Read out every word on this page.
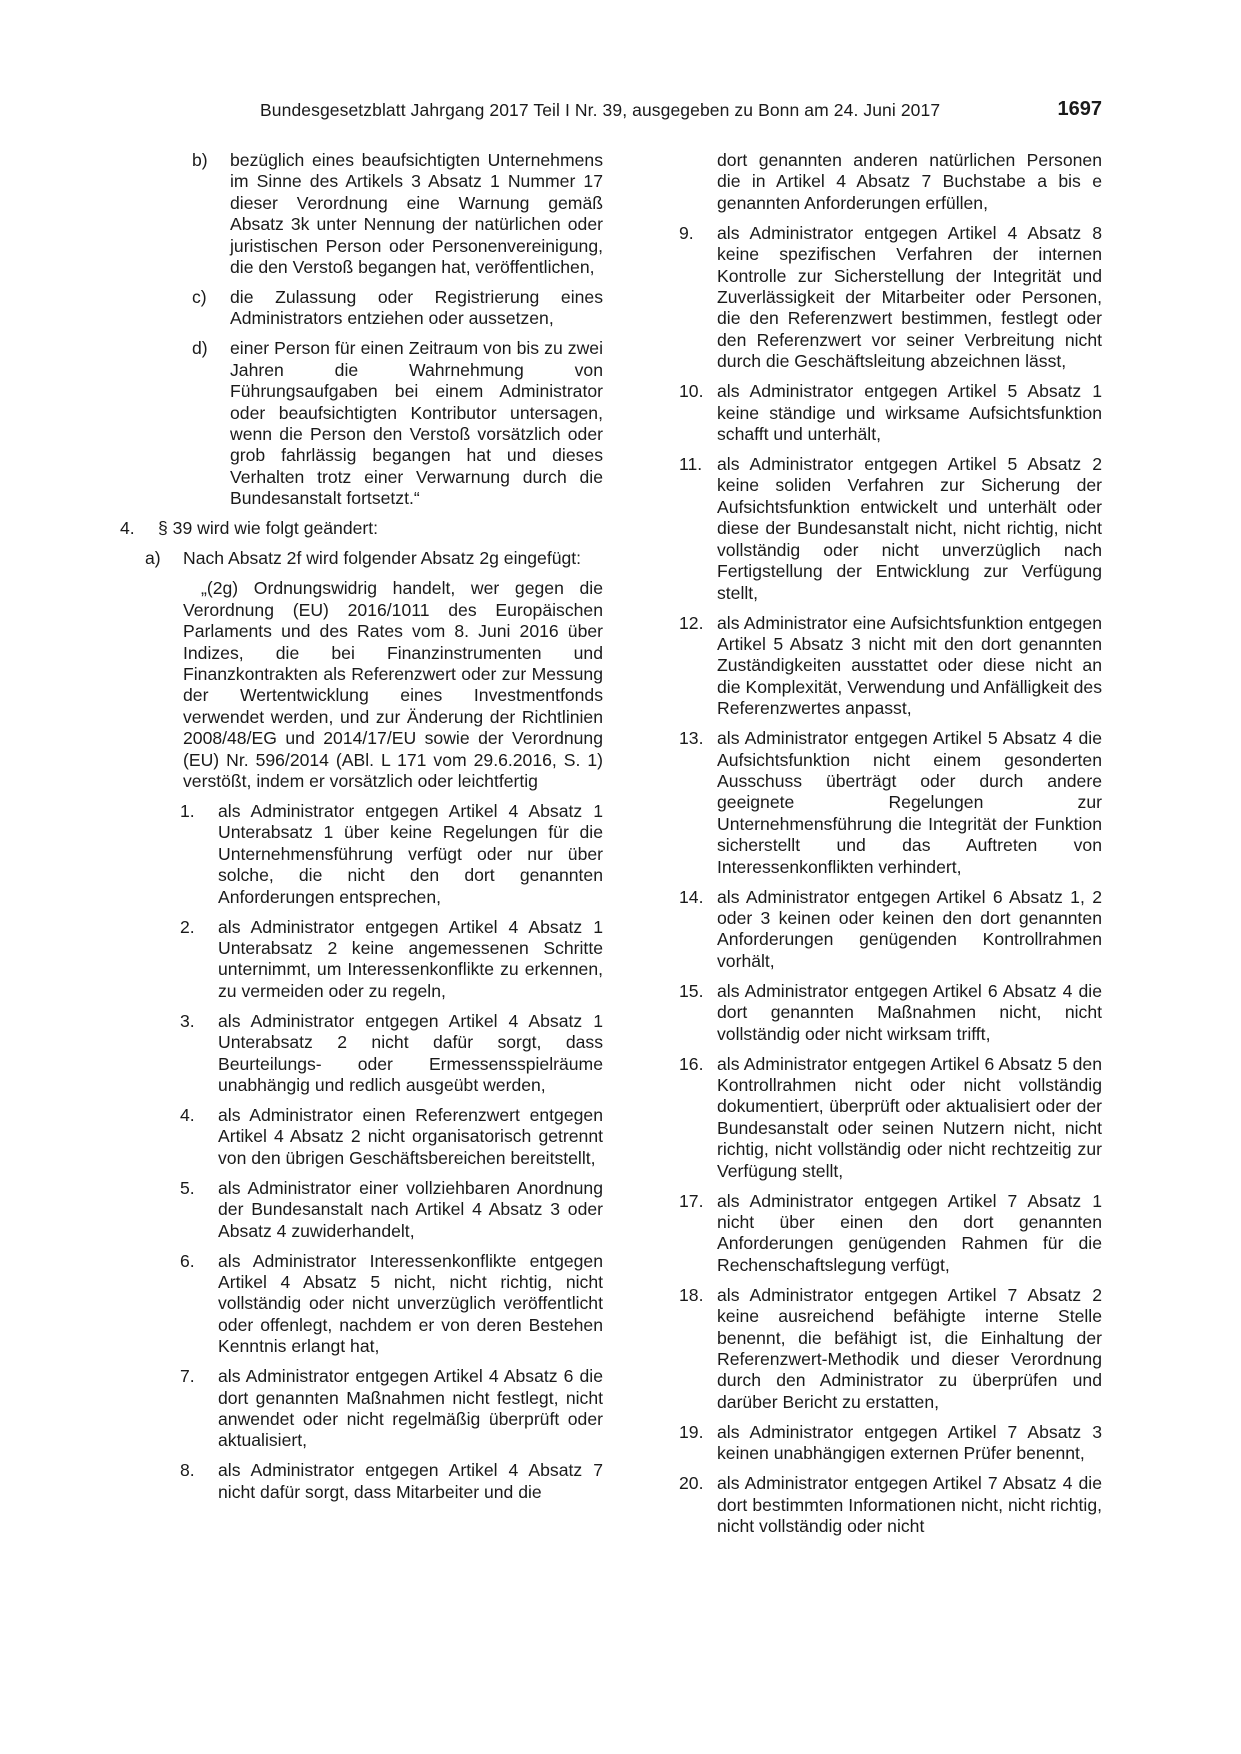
Bundesgesetzblatt Jahrgang 2017 Teil I Nr. 39, ausgegeben zu Bonn am 24. Juni 2017	1697

b)	bezüglich eines beaufsichtigten Unternehmens im Sinne des Artikels 3 Absatz 1 Nummer 17 dieser Verordnung eine Warnung gemäß Absatz 3k unter Nennung der natürlichen oder juristischen Person oder Personenvereinigung, die den Verstoß begangen hat, veröffentlichen,

c)	die Zulassung oder Registrierung eines Administrators entziehen oder aussetzen,

d)	einer Person für einen Zeitraum von bis zu zwei Jahren die Wahrnehmung von Führungsaufgaben bei einem Administrator oder beaufsichtigten Kontributor untersagen, wenn die Person den Verstoß vorsätzlich oder grob fahrlässig begangen hat und dieses Verhalten trotz einer Verwarnung durch die Bundesanstalt fortsetzt.“

4.	§ 39 wird wie folgt geändert:

a)	Nach Absatz 2f wird folgender Absatz 2g eingefügt:

„(2g) Ordnungswidrig handelt, wer gegen die Verordnung (EU) 2016/1011 des Europäischen Parlaments und des Rates vom 8. Juni 2016 über Indizes, die bei Finanzinstrumenten und Finanzkontrakten als Referenzwert oder zur Messung der Wertentwicklung eines Investmentfonds verwendet werden, und zur Änderung der Richtlinien 2008/48/EG und 2014/17/EU sowie der Verordnung (EU) Nr. 596/2014 (ABl. L 171 vom 29.6.2016, S. 1) verstößt, indem er vorsätzlich oder leichtfertig

1.	als Administrator entgegen Artikel 4 Absatz 1 Unterabsatz 1 über keine Regelungen für die Unternehmensführung verfügt oder nur über solche, die nicht den dort genannten Anforderungen entsprechen,

2.	als Administrator entgegen Artikel 4 Absatz 1 Unterabsatz 2 keine angemessenen Schritte unternimmt, um Interessenkonflikte zu erkennen, zu vermeiden oder zu regeln,

3.	als Administrator entgegen Artikel 4 Absatz 1 Unterabsatz 2 nicht dafür sorgt, dass Beurteilungs- oder Ermessensspielräume unabhängig und redlich ausgeübt werden,

4.	als Administrator einen Referenzwert entgegen Artikel 4 Absatz 2 nicht organisatorisch getrennt von den übrigen Geschäftsbereichen bereitstellt,

5.	als Administrator einer vollziehbaren Anordnung der Bundesanstalt nach Artikel 4 Absatz 3 oder Absatz 4 zuwiderhandelt,

6.	als Administrator Interessenkonflikte entgegen Artikel 4 Absatz 5 nicht, nicht richtig, nicht vollständig oder nicht unverzüglich veröffentlicht oder offenlegt, nachdem er von deren Bestehen Kenntnis erlangt hat,

7.	als Administrator entgegen Artikel 4 Absatz 6 die dort genannten Maßnahmen nicht festlegt, nicht anwendet oder nicht regelmäßig überprüft oder aktualisiert,

8.	als Administrator entgegen Artikel 4 Absatz 7 nicht dafür sorgt, dass Mitarbeiter und die

dort genannten anderen natürlichen Personen die in Artikel 4 Absatz 7 Buchstabe a bis e genannten Anforderungen erfüllen,

9.	als Administrator entgegen Artikel 4 Absatz 8 keine spezifischen Verfahren der internen Kontrolle zur Sicherstellung der Integrität und Zuverlässigkeit der Mitarbeiter oder Personen, die den Referenzwert bestimmen, festlegt oder den Referenzwert vor seiner Verbreitung nicht durch die Geschäftsleitung abzeichnen lässt,

10. als Administrator entgegen Artikel 5 Absatz 1 keine ständige und wirksame Aufsichtsfunktion schafft und unterhält,

11. als Administrator entgegen Artikel 5 Absatz 2 keine soliden Verfahren zur Sicherung der Aufsichtsfunktion entwickelt und unterhält oder diese der Bundesanstalt nicht, nicht richtig, nicht vollständig oder nicht unverzüglich nach Fertigstellung der Entwicklung zur Verfügung stellt,

12. als Administrator eine Aufsichtsfunktion entgegen Artikel 5 Absatz 3 nicht mit den dort genannten Zuständigkeiten ausstattet oder diese nicht an die Komplexität, Verwendung und Anfälligkeit des Referenzwertes anpasst,

13. als Administrator entgegen Artikel 5 Absatz 4 die Aufsichtsfunktion nicht einem gesonderten Ausschuss überträgt oder durch andere geeignete Regelungen zur Unternehmensführung die Integrität der Funktion sicherstellt und das Auftreten von Interessenkonflikten verhindert,

14. als Administrator entgegen Artikel 6 Absatz 1, 2 oder 3 keinen oder keinen den dort genannten Anforderungen genügenden Kontrollrahmen vorhält,

15. als Administrator entgegen Artikel 6 Absatz 4 die dort genannten Maßnahmen nicht, nicht vollständig oder nicht wirksam trifft,

16. als Administrator entgegen Artikel 6 Absatz 5 den Kontrollrahmen nicht oder nicht vollständig dokumentiert, überprüft oder aktualisiert oder der Bundesanstalt oder seinen Nutzern nicht, nicht richtig, nicht vollständig oder nicht rechtzeitig zur Verfügung stellt,

17. als Administrator entgegen Artikel 7 Absatz 1 nicht über einen den dort genannten Anforderungen genügenden Rahmen für die Rechenschaftslegung verfügt,

18. als Administrator entgegen Artikel 7 Absatz 2 keine ausreichend befähigte interne Stelle benennt, die befähigt ist, die Einhaltung der Referenzwert-Methodik und dieser Verordnung durch den Administrator zu überprüfen und darüber Bericht zu erstatten,

19. als Administrator entgegen Artikel 7 Absatz 3 keinen unabhängigen externen Prüfer benennt,

20. als Administrator entgegen Artikel 7 Absatz 4 die dort bestimmten Informationen nicht, nicht richtig, nicht vollständig oder nicht
